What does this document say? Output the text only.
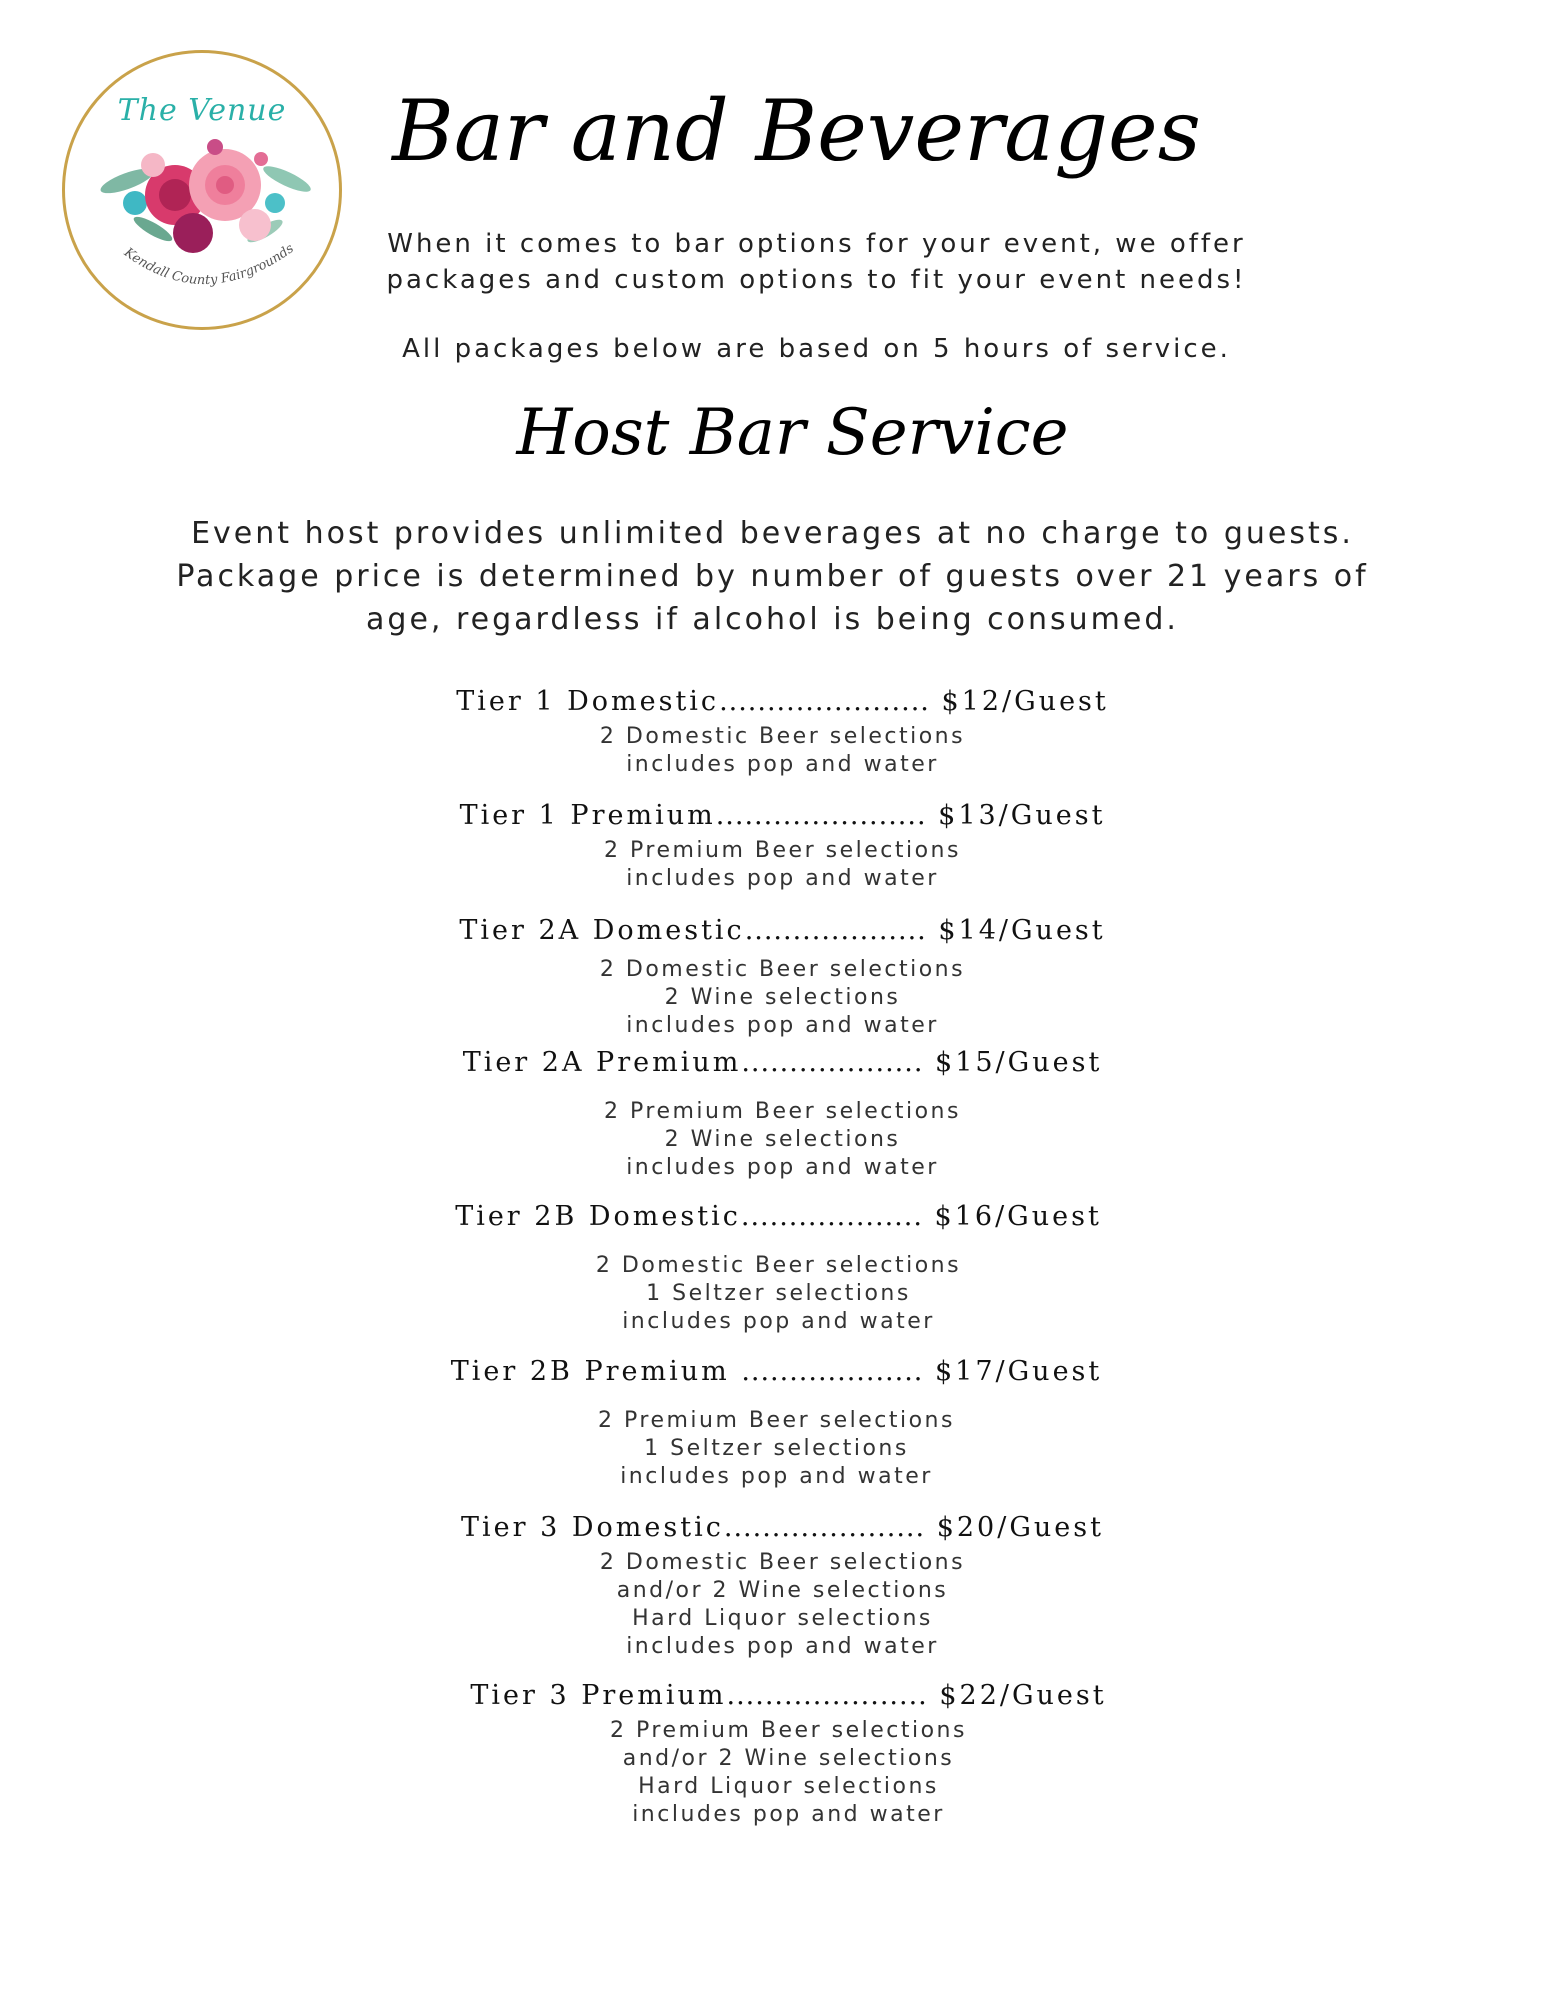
The Venue
Kendall County Fairgrounds
Bar and Beverages
When it comes to bar options for your event, we offer
packages and custom options to fit your event needs!
All packages below are based on 5 hours of service.
Host Bar Service
Event host provides unlimited beverages at no charge to guests.
Package price is determined by number of guests over 21 years of
age, regardless if alcohol is being consumed.
Tier 1 Domestic...................... $12/Guest
2 Domestic Beer selections
includes pop and water
Tier 1 Premium...................... $13/Guest
2 Premium Beer selections
includes pop and water
Tier 2A Domestic................... $14/Guest
2 Domestic Beer selections
2 Wine selections
includes pop and water
Tier 2A Premium................... $15/Guest
2 Premium Beer selections
2 Wine selections
includes pop and water
Tier 2B Domestic................... $16/Guest
2 Domestic Beer selections
1 Seltzer selections
includes pop and water
Tier 2B Premium ................... $17/Guest
2 Premium Beer selections
1 Seltzer selections
includes pop and water
Tier 3 Domestic..................... $20/Guest
2 Domestic Beer selections
and/or 2 Wine selections
Hard Liquor selections
includes pop and water
Tier 3 Premium..................... $22/Guest
2 Premium Beer selections
and/or 2 Wine selections
Hard Liquor selections
includes pop and water
